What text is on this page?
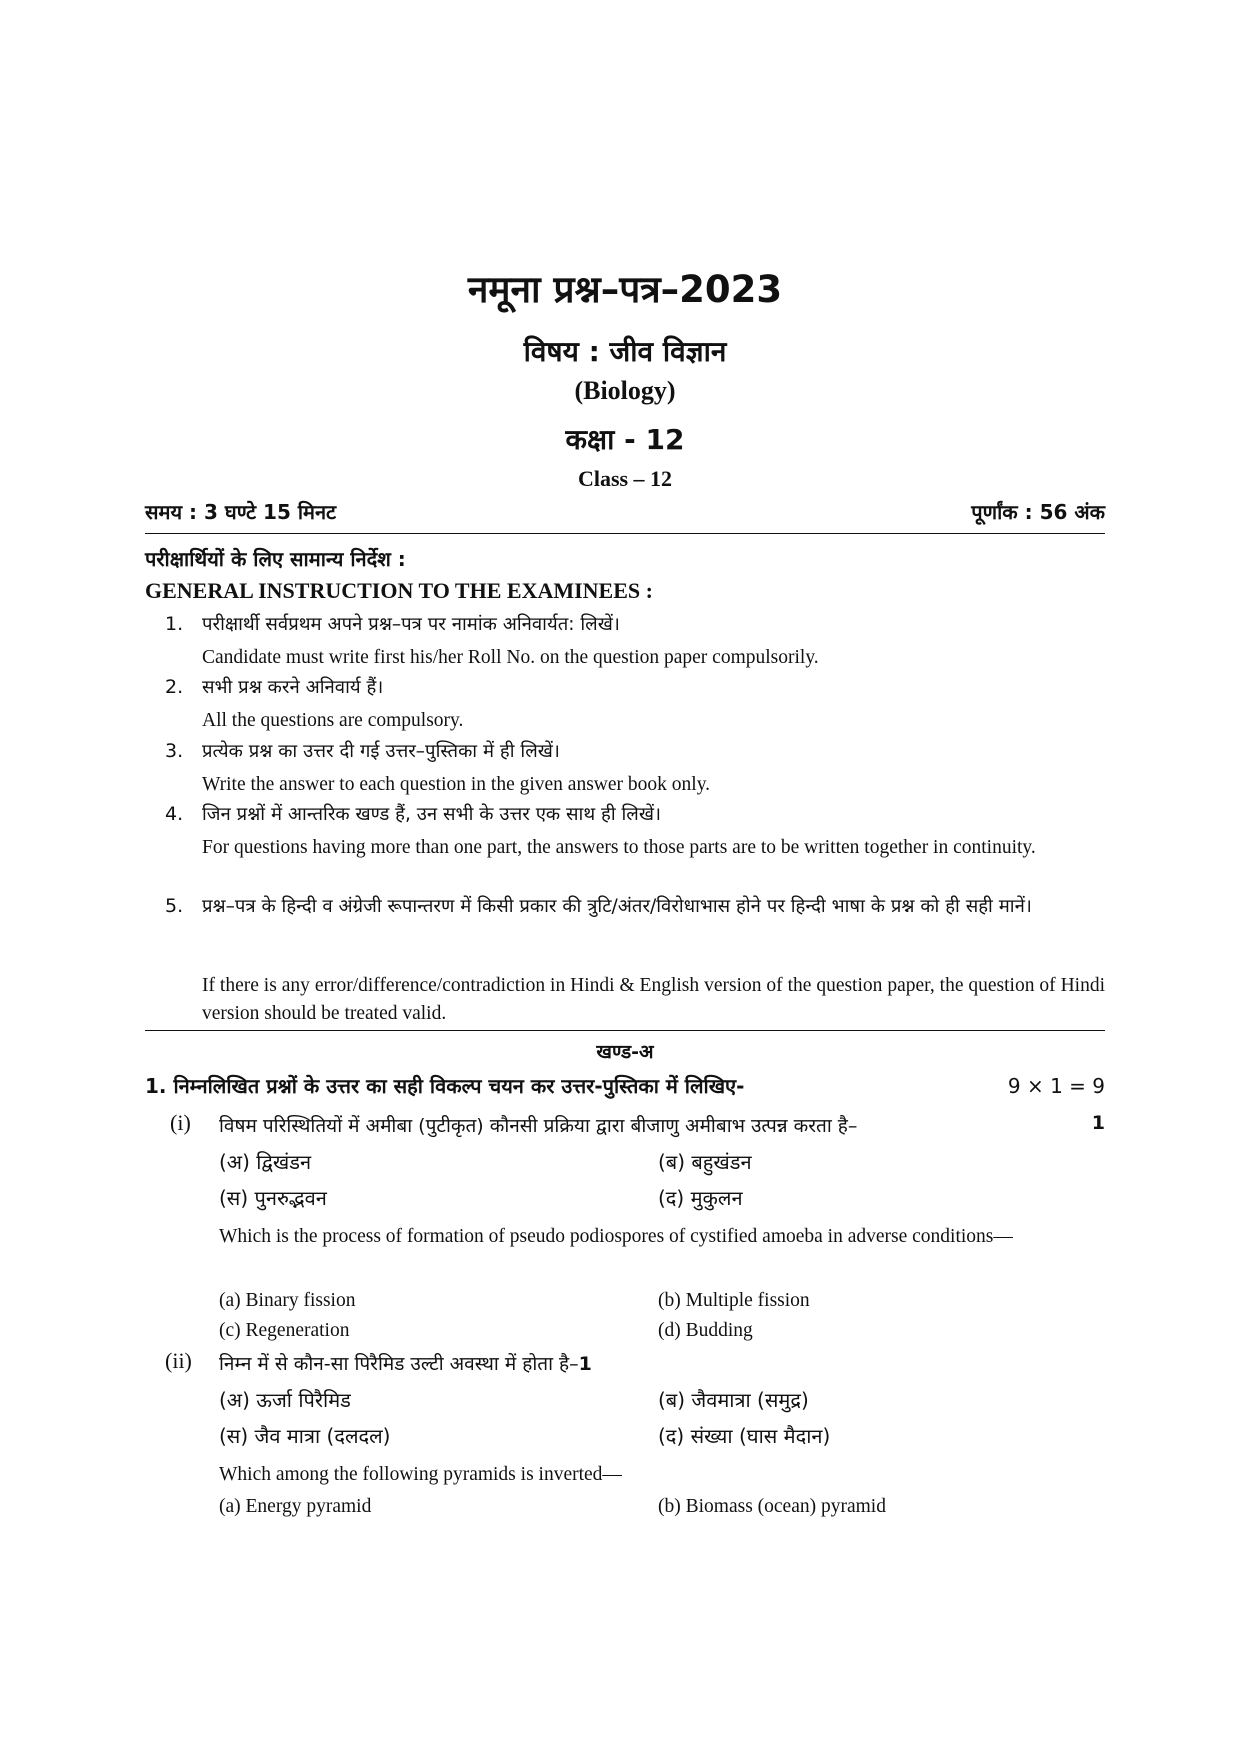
नमूना प्रश्न–पत्र–2023
विषय : जीव विज्ञान
(Biology)
कक्षा - 12
Class – 12
समय : 3 घण्टे 15 मिनट	पूर्णांक : 56 अंक
परीक्षार्थियों के लिए सामान्य निर्देश :
GENERAL INSTRUCTION TO THE EXAMINEES :
1. परीक्षार्थी सर्वप्रथम अपने प्रश्न–पत्र पर नामांक अनिवार्यत: लिखें।
Candidate must write first his/her Roll No. on the question paper compulsorily.
2. सभी प्रश्न करने अनिवार्य हैं।
All the questions are compulsory.
3. प्रत्येक प्रश्न का उत्तर दी गई उत्तर–पुस्तिका में ही लिखें।
Write the answer to each question in the given answer book only.
4. जिन प्रश्नों में आन्तरिक खण्ड हैं, उन सभी के उत्तर एक साथ ही लिखें।
For questions having more than one part, the answers to those parts are to be written together in continuity.
5. प्रश्न–पत्र के हिन्दी व अंग्रेजी रूपान्तरण में किसी प्रकार की त्रुटि/अंतर/विरोधाभास होने पर हिन्दी भाषा के प्रश्न को ही सही मानें।
If there is any error/difference/contradiction in Hindi & English version of the question paper, the question of Hindi version should be treated valid.
खण्ड-अ
1. निम्नलिखित प्रश्नों के उत्तर का सही विकल्प चयन कर उत्तर-पुस्तिका में लिखिए-	9 × 1 = 9
(i) विषम परिस्थितियों में अमीबा (पुटीकृत) कौनसी प्रक्रिया द्वारा बीजाणु अमीबाभ उत्पन्न करता है–	1
(अ) द्विखंडन	(ब) बहुखंडन
(स) पुनरुद्भवन	(द) मुकुलन
Which is the process of formation of pseudo podiospores of cystified amoeba in adverse conditions—
(a) Binary fission	(b) Multiple fission
(c) Regeneration	(d) Budding
(ii) निम्न में से कौन-सा पिरैमिड उल्टी अवस्था में होता है–1
(अ) ऊर्जा पिरैमिड	(ब) जैवमात्रा (समुद्र)
(स) जैव मात्रा (दलदल)	(द) संख्या (घास मैदान)
Which among the following pyramids is inverted—
(a) Energy pyramid	(b) Biomass (ocean) pyramid
